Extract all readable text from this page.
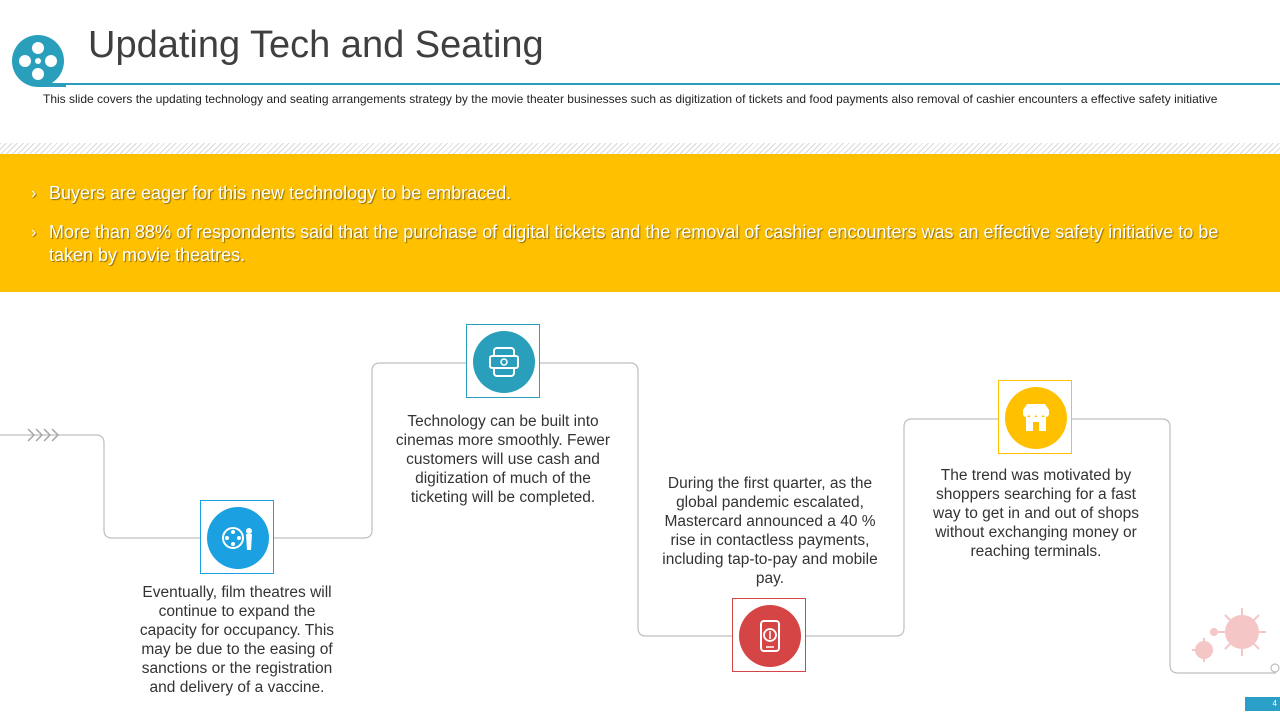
Updating Tech and Seating
This slide covers the updating technology and seating arrangements strategy by the movie theater businesses such as digitization of tickets and food payments also removal of cashier encounters a effective safety initiative
› Buyers are eager for this new technology to be embraced.
› More than 88% of respondents said that the purchase of digital tickets and the removal of cashier encounters was an effective safety initiative to be taken by movie theatres.
Eventually, film theatres will continue to expand the capacity for occupancy. This may be due to the easing of sanctions or the registration and delivery of a vaccine.
Technology can be built into cinemas more smoothly. Fewer customers will use cash and digitization of much of the ticketing will be completed.
During the first quarter, as the global pandemic escalated, Mastercard announced a 40 % rise in contactless payments, including tap-to-pay and mobile pay.
The trend was motivated by shoppers searching for a fast way to get in and out of shops without exchanging money or reaching terminals.
4
